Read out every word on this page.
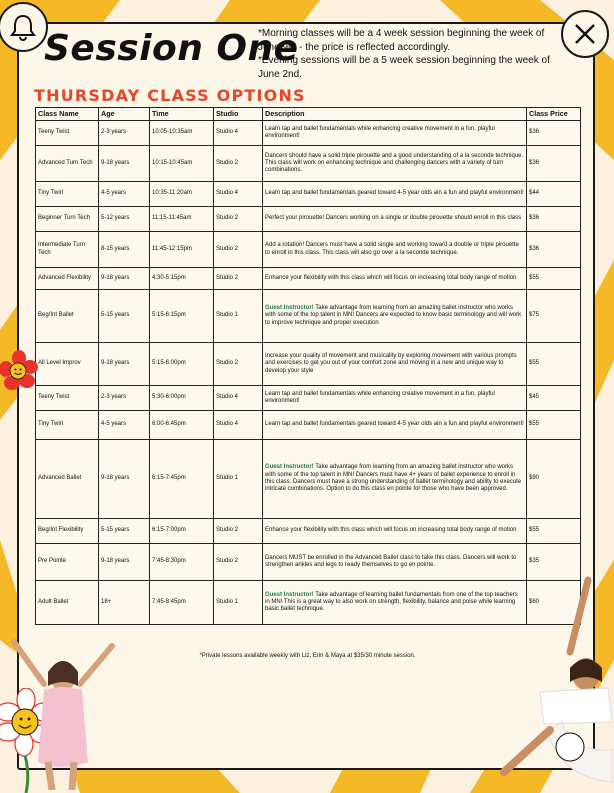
Session One
*Morning classes will be a 4 week session beginning the week of June 9th - the price is reflected accordingly.
*Evening sessions will be a 5 week session beginning the week of June 2nd.
THURSDAY CLASS OPTIONS
Class Name	Age	Time	Studio	Description	Class Price
Teeny Twist	2-3 years	10:05-10:35am	Studio 4	Learn tap and ballet fundamentals while enhancing creative movement in a fun, playful environment!	$36
Advanced Turn Tech	9-18 years	10:15-10:45am	Studio 2	Dancers should have a solid triple pirouette and a good understanding of a la seconde technique. This class will work on enhancing technique and challenging dancers with a variety of turn combinations.	$36
Tiny Twirl	4-5 years	10:35-11:20am	Studio 4	Learn tap and ballet fundamentals geared toward 4-5 year olds ain a fun and playful environment!	$44
Beginner Turn Tech	5-12 years	11:15-11:45am	Studio 2	Perfect your pirouette! Dancers working on a single or double pirouette should enroll in this class	$36
Intermediate Turn Tech	8-15 years	11:45-12:15pm	Studio 2	Add a rotation! Dancers must have a solid single and working toward a double or triple pirouette to enroll in this class. This class will also go over a la seconde technique.	$36
Advanced Flexibility	9-18 years	4:30-5:15pm	Studio 2	Enhance your flexibility with this class which will focus on increasing total body range of motion	$55
Beg/Int Ballet	5-15 years	5:15-6:15pm	Studio 1	Guest Instructor! Take advantage from learning from an amazing ballet instructor who works with some of the top talent in MN! Dancers are expected to know basic terminology and will work to improve technique and proper execution	$75
All Level Improv	9-18 years	5:15-6:00pm	Studio 2	Increase your quality of movement and musicality by exploring movement with various prompts and exercises to get you out of your comfort zone and moving in a new and unique way to develop your style	$55
Teeny Twist	2-3 years	5:30-6:00pm	Studio 4	Learn tap and ballet fundamentals while enhancing creative movement in a fun, playful environment!	$45
Tiny Twirl	4-5 years	6:00-6:45pm	Studio 4	Learn tap and ballet fundamentals geared toward 4-5 year olds ain a fun and playful environment!	$55
Advanced Ballet	9-18 years	6:15-7:45pm	Studio 1	Guest Instructor! Take advantage from learning from an amazing ballet instructor who works with some of the top talent in MN! Dancers must have 4+ years of ballet experience to enroll in this class. Dancers must have a strong understanding of ballet terminology and ability to execute intricate combinations. Option to do this class en pointe for those who have been approved.	$90
Beg/Int Flexibility	5-15 years	6:15-7:00pm	Studio 2	Enhance your flexibility with this class which will focus on increasing total body range of motion	$55
Pre Pointe	9-18 years	7:45-8:30pm	Studio 2	Dancers MUST be enrolled in the Advanced Ballet class to take this class. Dancers will work to strengthen ankles and legs to ready themselves to go en pointe.	$35
Adult Ballet	18+	7:45-8:45pm	Studio 1	Guest Instructor! Take advantage of learning ballet fundamentals from one of the top teachers in MN! This is a great way to also work on strength, flexibility, balance and poise while learning basic ballet technique.	$60
*Private lessons available weekly with Liz, Erin & Maya at $35/30 minute session.
